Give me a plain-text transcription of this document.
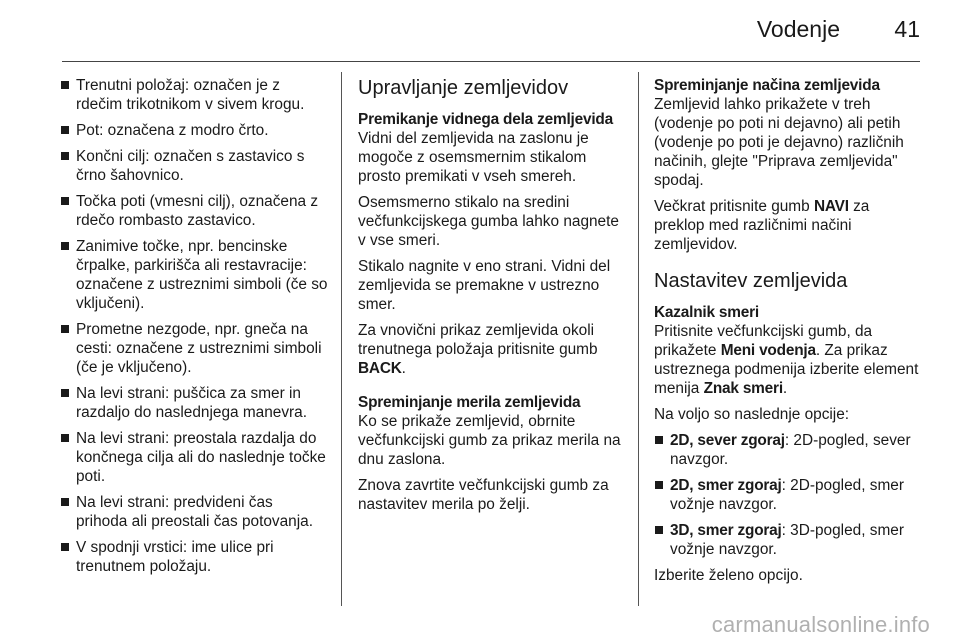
Vodenje 41
Trenutni položaj: označen je z rdečim trikotnikom v sivem krogu.
Pot: označena z modro črto.
Končni cilj: označen s zastavico s črno šahovnico.
Točka poti (vmesni cilj), označena z rdečo rombasto zastavico.
Zanimive točke, npr. bencinske črpalke, parkirišča ali restavracije: označene z ustreznimi simboli (če so vključeni).
Prometne nezgode, npr. gneča na cesti: označene z ustreznimi simboli (če je vključeno).
Na levi strani: puščica za smer in razdaljo do naslednjega manevra.
Na levi strani: preostala razdalja do končnega cilja ali do naslednje točke poti.
Na levi strani: predvideni čas prihoda ali preostali čas potovanja.
V spodnji vrstici: ime ulice pri trenutnem položaju.
Upravljanje zemljevidov
Premikanje vidnega dela zemljevida

Vidni del zemljevida na zaslonu je mogoče z osemsmernim stikalom prosto premikati v vseh smereh.

Osemsmerno stikalo na sredini večfunkcijskega gumba lahko nagnete v vse smeri.

Stikalo nagnite v eno strani. Vidni del zemljevida se premakne v ustrezno smer.

Za vnovični prikaz zemljevida okoli trenutnega položaja pritisnite gumb BACK.

Spreminjanje merila zemljevida

Ko se prikaže zemljevid, obrnite večfunkcijski gumb za prikaz merila na dnu zaslona.

Znova zavrtite večfunkcijski gumb za nastavitev merila po želji.

Spreminjanje načina zemljevida

Zemljevid lahko prikažete v treh (vodenje po poti ni dejavno) ali petih (vodenje po poti je dejavno) različnih načinih, glejte "Priprava zemljevida" spodaj.

Večkrat pritisnite gumb NAVI za preklop med različnimi načini zemljevidov.

Nastavitev zemljevida
Kazalnik smeri

Pritisnite večfunkcijski gumb, da prikažete Meni vodenja. Za prikaz ustreznega podmenija izberite element menija Znak smeri.

Na voljo so naslednje opcije:

2D, sever zgoraj: 2D-pogled, sever navzgor.
2D, smer zgoraj: 2D-pogled, smer vožnje navzgor.
3D, smer zgoraj: 3D-pogled, smer vožnje navzgor.

Izberite želeno opcijo.

carmanualsonline.info
